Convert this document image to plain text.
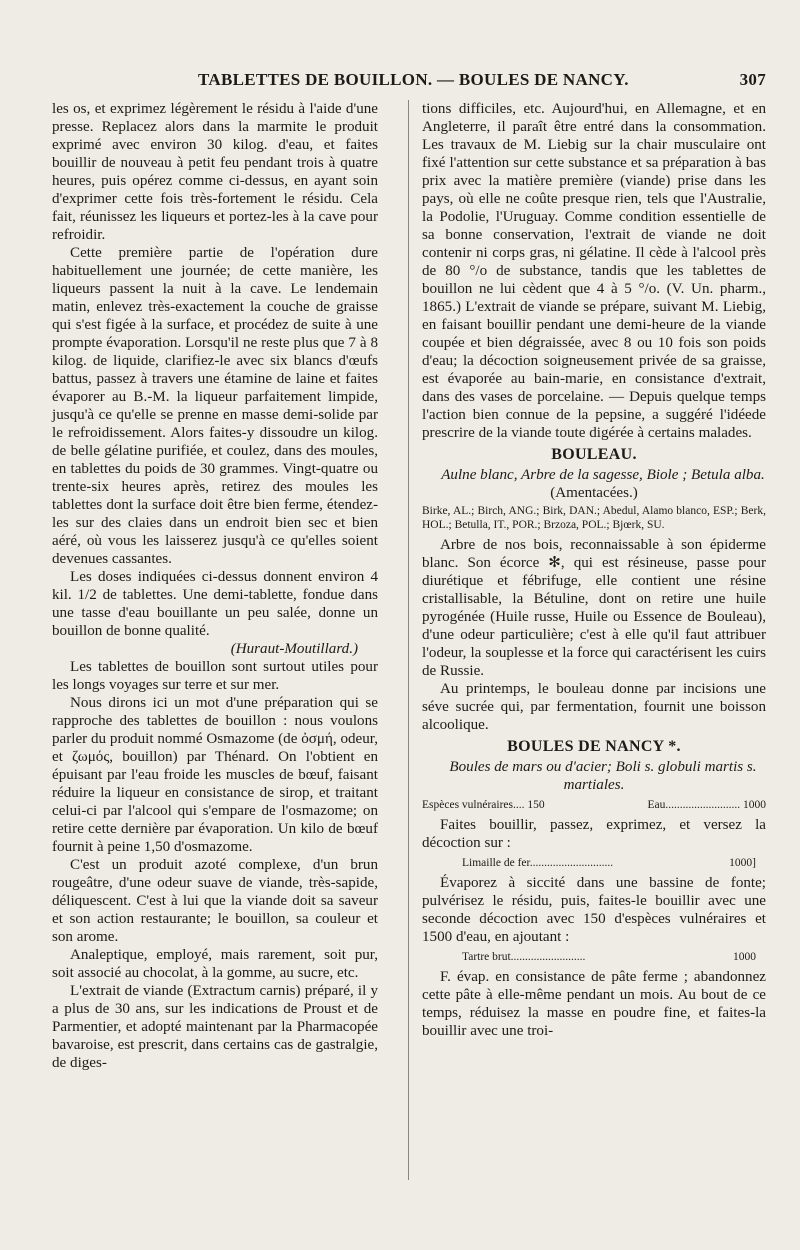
TABLETTES DE BOUILLON. — BOULES DE NANCY.	307

les os, et exprimez légèrement le résidu à l'aide d'une presse. Replacez alors dans la marmite le produit exprimé avec environ 30 kilog. d'eau, et faites bouillir de nouveau à petit feu pendant trois à quatre heures, puis opérez comme ci-dessus, en ayant soin d'exprimer cette fois très-fortement le résidu. Cela fait, réunissez les liqueurs et portez-les à la cave pour refroidir.

Cette première partie de l'opération dure habituellement une journée; de cette manière, les liqueurs passent la nuit à la cave. Le lendemain matin, enlevez très-exactement la couche de graisse qui s'est figée à la surface, et procédez de suite à une prompte évaporation. Lorsqu'il ne reste plus que 7 à 8 kilog. de liquide, clarifiez-le avec six blancs d'œufs battus, passez à travers une étamine de laine et faites évaporer au B.-M. la liqueur parfaitement limpide, jusqu'à ce qu'elle se prenne en masse demi-solide par le refroidissement. Alors faites-y dissoudre un kilog. de belle gélatine purifiée, et coulez, dans des moules, en tablettes du poids de 30 grammes. Vingt-quatre ou trente-six heures après, retirez des moules les tablettes dont la surface doit être bien ferme, étendez-les sur des claies dans un endroit bien sec et bien aéré, où vous les laisserez jusqu'à ce qu'elles soient devenues cassantes.

Les doses indiquées ci-dessus donnent environ 4 kil. 1/2 de tablettes. Une demi-tablette, fondue dans une tasse d'eau bouillante un peu salée, donne un bouillon de bonne qualité.

(Huraut-Moutillard.)

Les tablettes de bouillon sont surtout utiles pour les longs voyages sur terre et sur mer.

Nous dirons ici un mot d'une préparation qui se rapproche des tablettes de bouillon : nous voulons parler du produit nommé Osmazome (de ὀσμή, odeur, et ζωμός, bouillon) par Thénard. On l'obtient en épuisant par l'eau froide les muscles de bœuf, faisant réduire la liqueur en consistance de sirop, et traitant celui-ci par l'alcool qui s'empare de l'osmazome; on retire cette dernière par évaporation. Un kilo de bœuf fournit à peine 1,50 d'osmazome.

C'est un produit azoté complexe, d'un brun rougeâtre, d'une odeur suave de viande, très-sapide, déliquescent. C'est à lui que la viande doit sa saveur et son action restaurante; le bouillon, sa couleur et son arome.

Analeptique, employé, mais rarement, soit pur, soit associé au chocolat, à la gomme, au sucre, etc.

L'extrait de viande (Extractum carnis) préparé, il y a plus de 30 ans, sur les indications de Proust et de Parmentier, et adopté maintenant par la Pharmacopée bavaroise, est prescrit, dans certains cas de gastralgie, de diges-

tions difficiles, etc. Aujourd'hui, en Allemagne, et en Angleterre, il paraît être entré dans la consommation. Les travaux de M. Liebig sur la chair musculaire ont fixé l'attention sur cette substance et sa préparation à bas prix avec la matière première (viande) prise dans les pays, où elle ne coûte presque rien, tels que l'Australie, la Podolie, l'Uruguay. Comme condition essentielle de sa bonne conservation, l'extrait de viande ne doit contenir ni corps gras, ni gélatine. Il cède à l'alcool près de 80 °/o de substance, tandis que les tablettes de bouillon ne lui cèdent que 4 à 5 °/o. (V. Un. pharm., 1865.) L'extrait de viande se prépare, suivant M. Liebig, en faisant bouillir pendant une demi-heure de la viande coupée et bien dégraissée, avec 8 ou 10 fois son poids d'eau; la décoction soigneusement privée de sa graisse, est évaporée au bain-marie, en consistance d'extrait, dans des vases de porcelaine. — Depuis quelque temps l'action bien connue de la pepsine, a suggéré l'idéede prescrire de la viande toute digérée à certains malades.

BOULEAU.

Aulne blanc, Arbre de la sagesse, Biole ; Betula alba. (Amentacées.)

Birke, AL.; Birch, ANG.; Birk, DAN.; Abedul, Alamo blanco, ESP.; Berk, HOL.; Betulla, IT., POR.; Brzoza, POL.; Bjœrk, SU.

Arbre de nos bois, reconnaissable à son épiderme blanc. Son écorce ✻, qui est résineuse, passe pour diurétique et fébrifuge, elle contient une résine cristallisable, la Bétuline, dont on retire une huile pyrogénée (Huile russe, Huile ou Essence de Bouleau), d'une odeur particulière; c'est à elle qu'il faut attribuer l'odeur, la souplesse et la force qui caractérisent les cuirs de Russie.

Au printemps, le bouleau donne par incisions une séve sucrée qui, par fermentation, fournit une boisson alcoolique.

BOULES DE NANCY *.

Boules de mars ou d'acier; Boli s. globuli martis s. martiales.

Espèces vulnéraires.... 150	Eau.......................... 1000

Faites bouillir, passez, exprimez, et versez la décoction sur :

Limaille de fer.............................	1000]

Évaporez à siccité dans une bassine de fonte; pulvérisez le résidu, puis, faites-le bouillir avec une seconde décoction avec 150 d'espèces vulnéraires et 1500 d'eau, en ajoutant :

Tartre brut..........................	1000

F. évap. en consistance de pâte ferme ; abandonnez cette pâte à elle-même pendant un mois. Au bout de ce temps, réduisez la masse en poudre fine, et faites-la bouillir avec une troi-
